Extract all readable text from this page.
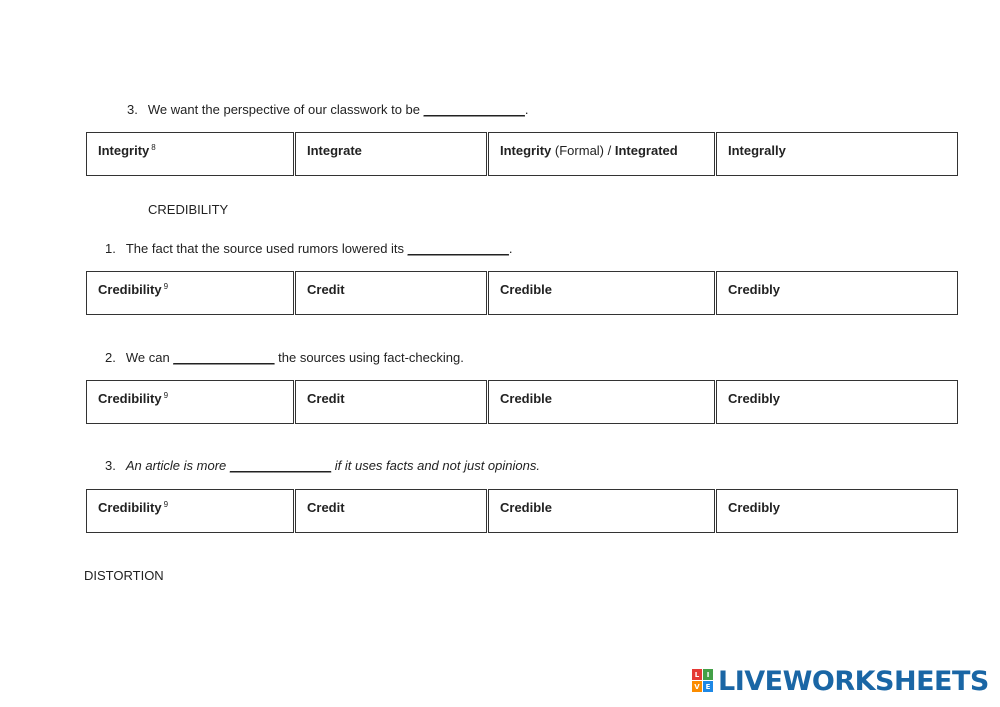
3. We want the perspective of our classwork to be ______________.
Integrity $^8$	Integrate	Integrity (Formal) / Integrated	Integrally
CREDIBILITY
1. The fact that the source used rumors lowered its ______________.
Credibility $^9$	Credit	Credible	Credibly
2. We can ______________ the sources using fact-checking.
Credibility $^9$	Credit	Credible	Credibly
3. An article is more ______________ if it uses facts and not just opinions.
Credibility $^9$	Credit	Credible	Credibly
DISTORTION
L	I
V E LIVEWORKSHEETS
